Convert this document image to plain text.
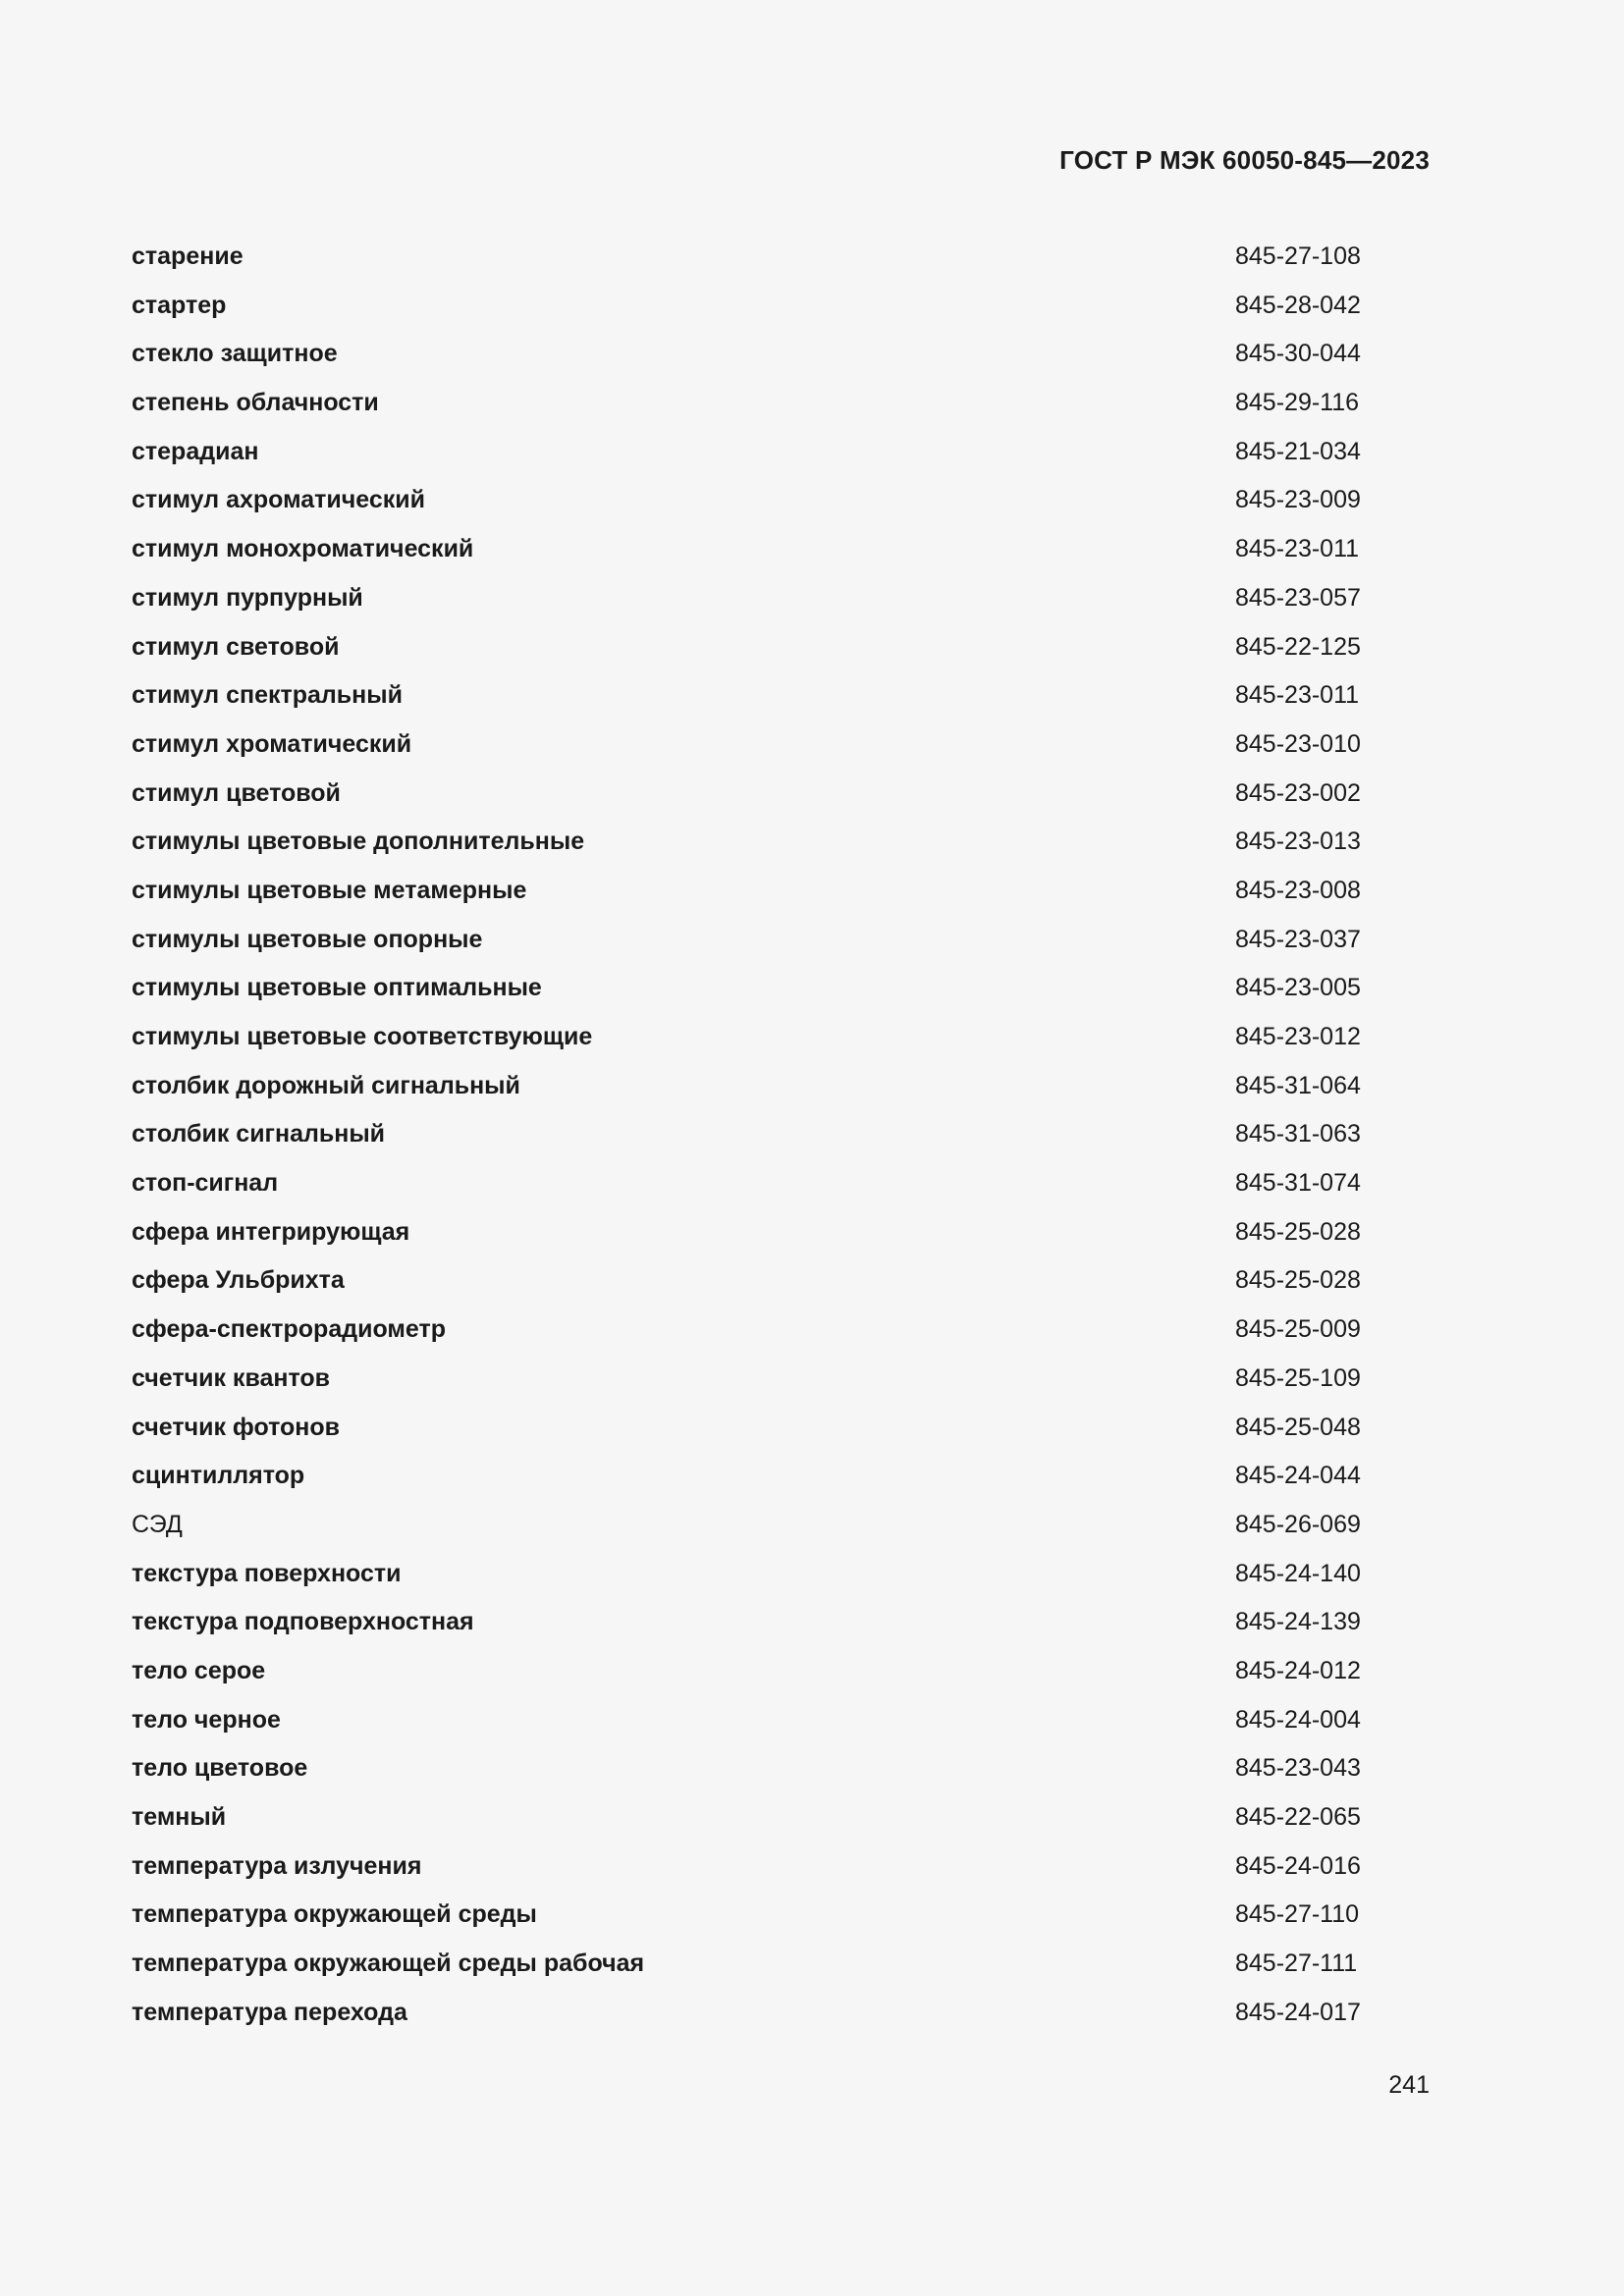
ГОСТ Р МЭК 60050-845—2023
старение	845-27-108
стартер	845-28-042
стекло защитное	845-30-044
степень облачности	845-29-116
стерадиан	845-21-034
стимул ахроматический	845-23-009
стимул монохроматический	845-23-011
стимул пурпурный	845-23-057
стимул световой	845-22-125
стимул спектральный	845-23-011
стимул хроматический	845-23-010
стимул цветовой	845-23-002
стимулы цветовые дополнительные	845-23-013
стимулы цветовые метамерные	845-23-008
стимулы цветовые опорные	845-23-037
стимулы цветовые оптимальные	845-23-005
стимулы цветовые соответствующие	845-23-012
столбик дорожный сигнальный	845-31-064
столбик сигнальный	845-31-063
стоп-сигнал	845-31-074
сфера интегрирующая	845-25-028
сфера Ульбрихта	845-25-028
сфера-спектрорадиометр	845-25-009
счетчик квантов	845-25-109
счетчик фотонов	845-25-048
сцинтиллятор	845-24-044
СЭД	845-26-069
текстура поверхности	845-24-140
текстура подповерхностная	845-24-139
тело серое	845-24-012
тело черное	845-24-004
тело цветовое	845-23-043
темный	845-22-065
температура излучения	845-24-016
температура окружающей среды	845-27-110
температура окружающей среды рабочая	845-27-111
температура перехода	845-24-017
241
